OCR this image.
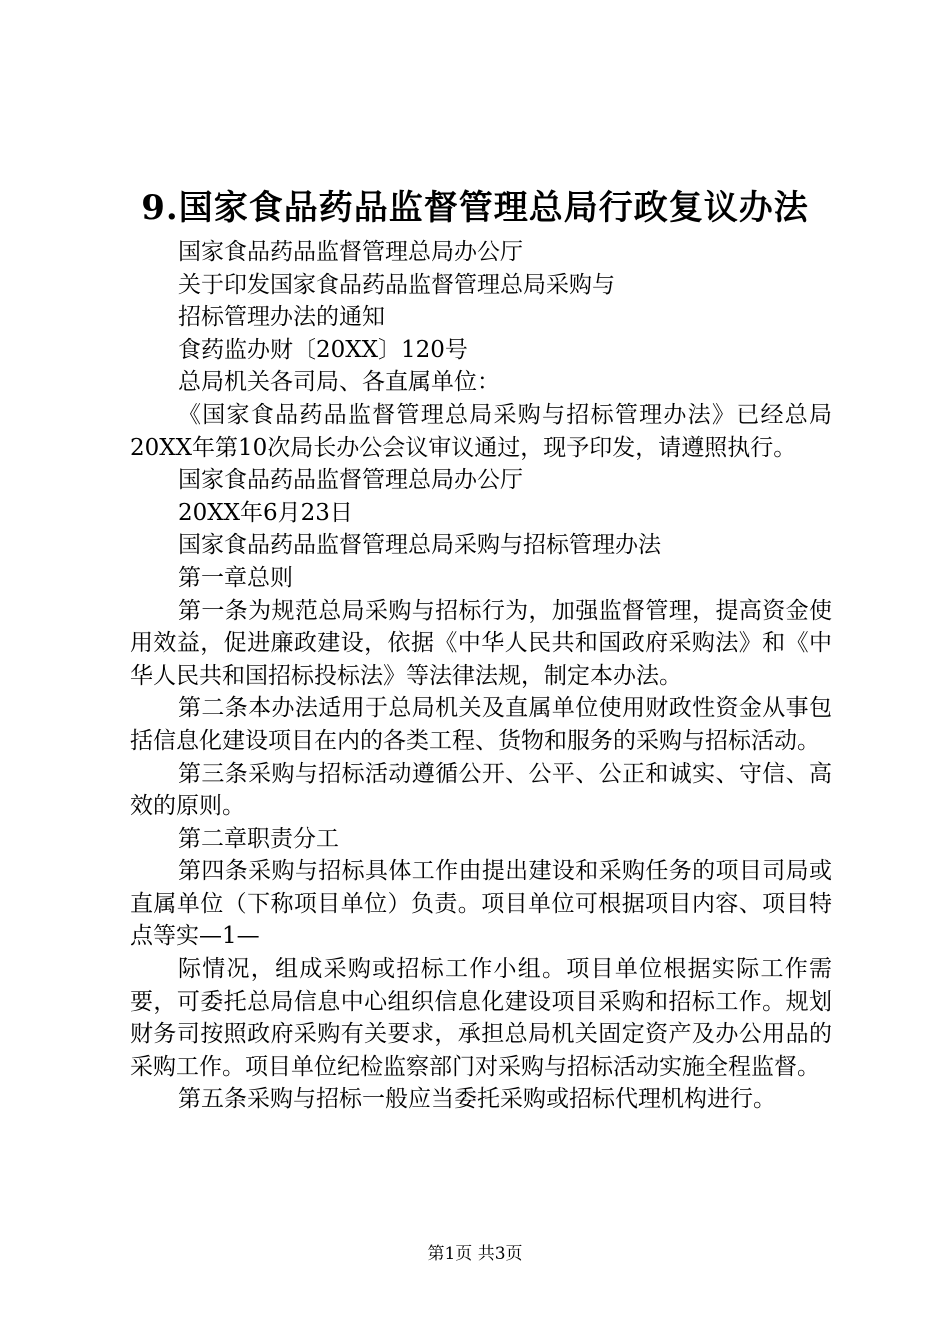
9.国家食品药品监督管理总局行政复议办法

国家食品药品监督管理总局办公厅

关于印发国家食品药品监督管理总局采购与

招标管理办法的通知

食药监办财〔20XX〕120号

总局机关各司局、各直属单位：

《国家食品药品监督管理总局采购与招标管理办法》已经总局20XX年第10次局长办公会议审议通过，现予印发，请遵照执行。

国家食品药品监督管理总局办公厅

20XX年6月23日

国家食品药品监督管理总局采购与招标管理办法

第一章总则

第一条为规范总局采购与招标行为，加强监督管理，提高资金使用效益，促进廉政建设，依据《中华人民共和国政府采购法》和《中华人民共和国招标投标法》等法律法规，制定本办法。

第二条本办法适用于总局机关及直属单位使用财政性资金从事包括信息化建设项目在内的各类工程、货物和服务的采购与招标活动。

第三条采购与招标活动遵循公开、公平、公正和诚实、守信、高效的原则。

第二章职责分工

第四条采购与招标具体工作由提出建设和采购任务的项目司局或直属单位（下称项目单位）负责。项目单位可根据项目内容、项目特点等实—1—

际情况，组成采购或招标工作小组。项目单位根据实际工作需要，可委托总局信息中心组织信息化建设项目采购和招标工作。规划财务司按照政府采购有关要求，承担总局机关固定资产及办公用品的采购工作。项目单位纪检监察部门对采购与招标活动实施全程监督。

第五条采购与招标一般应当委托采购或招标代理机构进行。

第1页 共3页
